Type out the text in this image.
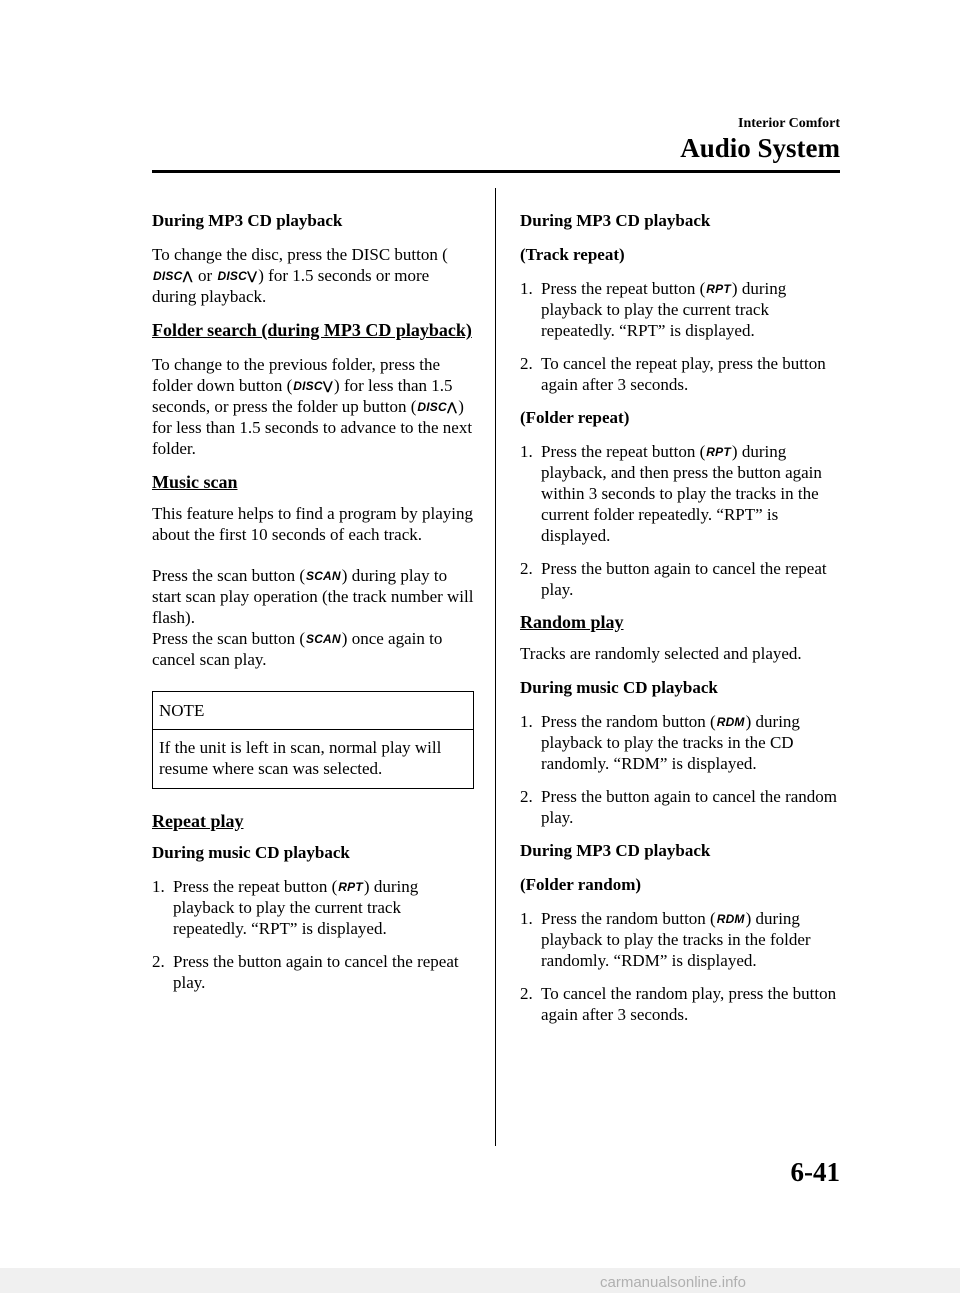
Interior Comfort
Audio System

During MP3 CD playback

To change the disc, press the DISC button (DISC⋀ or DISC⋁) for 1.5 seconds or more during playback.

Folder search (during MP3 CD playback)

To change to the previous folder, press the folder down button (DISC⋁) for less than 1.5 seconds, or press the folder up button (DISC⋀) for less than 1.5 seconds to advance to the next folder.

Music scan

This feature helps to find a program by playing about the first 10 seconds of each track.

Press the scan button (SCAN) during play to start scan play operation (the track number will flash).

Press the scan button (SCAN) once again to cancel scan play.

NOTE
If the unit is left in scan, normal play will resume where scan was selected.

Repeat play

During music CD playback

1. Press the repeat button (RPT) during playback to play the current track repeatedly. “RPT” is displayed.
2. Press the button again to cancel the repeat play.

During MP3 CD playback

(Track repeat)

1. Press the repeat button (RPT) during playback to play the current track repeatedly. “RPT” is displayed.
2. To cancel the repeat play, press the button again after 3 seconds.

(Folder repeat)

1. Press the repeat button (RPT) during playback, and then press the button again within 3 seconds to play the tracks in the current folder repeatedly. “RPT” is displayed.
2. Press the button again to cancel the repeat play.

Random play

Tracks are randomly selected and played.

During music CD playback

1. Press the random button (RDM) during playback to play the tracks in the CD randomly. “RDM” is displayed.
2. Press the button again to cancel the random play.

During MP3 CD playback

(Folder random)

1. Press the random button (RDM) during playback to play the tracks in the folder randomly. “RDM” is displayed.
2. To cancel the random play, press the button again after 3 seconds.
6-41
carmanualsonline.info
